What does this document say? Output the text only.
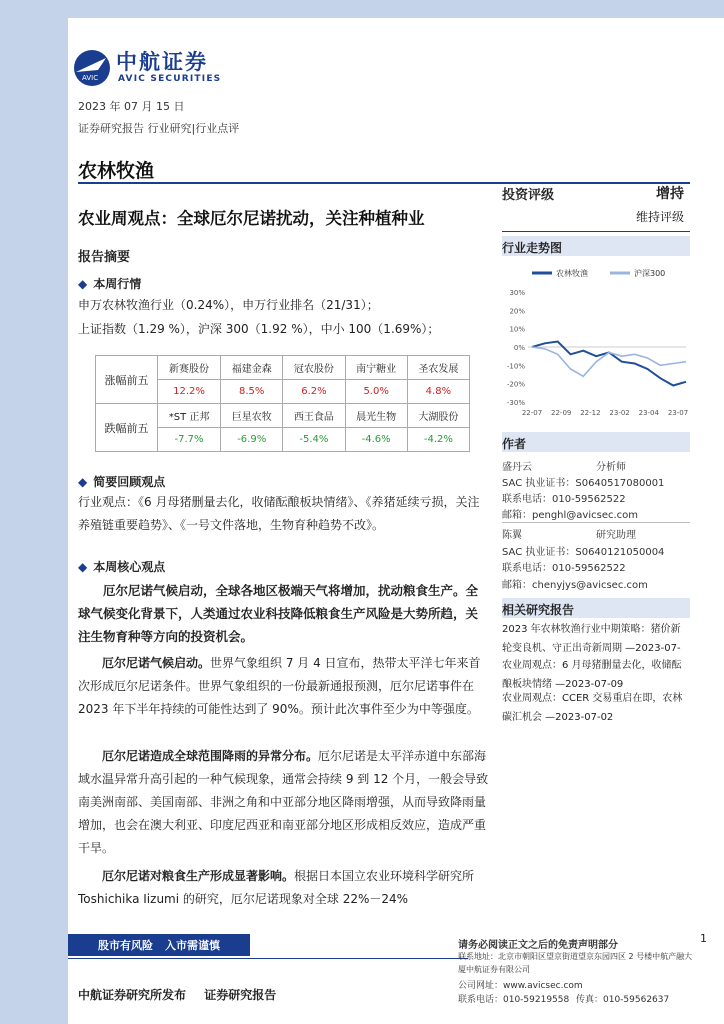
AVIC
中航证券
AVIC SECURITIES
2023 年 07 月 15 日
证券研究报告 行业研究|行业点评
农林牧渔
农业周观点：全球厄尔尼诺扰动，关注种植种业
投资评级	增持
维持评级
报告摘要
◆ 本周行情
申万农林牧渔行业（0.24%），申万行业排名（21/31）；
上证指数（1.29 %），沪深 300（1.92 %），中小 100（1.69%）；
涨幅前五	新赛股份	福建金森	冠农股份	南宁糖业	圣农发展
	12.2%	8.5%	6.2%	5.0%	4.8%
跌幅前五	*ST 正邦	巨星农牧	西王食品	晨光生物	大湖股份
	-7.7%	-6.9%	-5.4%	-4.6%	-4.2%
◆ 简要回顾观点
行业观点：《6 月母猪删量去化，收储酝酿板块情绪》、《养猪延续亏损，关注养殖链重要趋势》、《一号文件落地，生物育种趋势不改》。
◆ 本周核心观点
厄尔尼诺气候启动，全球各地区极端天气将增加，扰动粮食生产。全球气候变化背景下，人类通过农业科技降低粮食生产风险是大势所趋，关注生物育种等方向的投资机会。
厄尔尼诺气候启动。世界气象组织 7 月 4 日宣布，热带太平洋七年来首次形成厄尔尼诺条件。世界气象组织的一份最新通报预测，厄尔尼诺事件在 2023 年下半年持续的可能性达到了 90%。预计此次事件至少为中等强度。
厄尔尼诺造成全球范围降雨的异常分布。厄尔尼诺是太平洋赤道中东部海域水温异常升高引起的一种气候现象，通常会持续 9 到 12 个月，一般会导致南美洲南部、美国南部、非洲之角和中亚部分地区降雨增强，从而导致降雨量增加，也会在澳大利亚、印度尼西亚和南亚部分地区形成相反效应，造成严重干旱。
厄尔尼诺对粮食生产形成显著影响。根据日本国立农业环境科学研究所 Toshichika Iizumi 的研究，厄尔尼诺现象对全球 22%－24%
行业走势图
农林牧渔	沪深300
30%
20%
10%
0%
-10%
-20%
-30%
22-07 22-09 22-12 23-02 23-04 23-07
作者
盛丹云	分析师
SAC 执业证书：S0640517080001
联系电话：010-59562522
邮箱：penghl@avicsec.com
陈翼	研究助理
SAC 执业证书：S0640121050004
联系电话：010-59562522
邮箱：chenyjys@avicsec.com
相关研究报告
2023 年农林牧渔行业中期策略：猪价新轮变良机、守正出奇新周期 —2023-07-
农业周观点：6 月母猪删量去化，收储酝酿板块情绪 —2023-07-09
农业周观点：CCER 交易重启在即，农林碳汇机会 —2023-07-02
股市有风险 入市需谨慎
中航证券研究所发布 证券研究报告
请务必阅读正文之后的免责声明部分
联系地址：北京市朝阳区望京街道望京东园四区 2 号楼中航产融大厦中航证券有限公司
公司网址：www.avicsec.com
联系电话：010-59219558 传真：010-59562637
1
